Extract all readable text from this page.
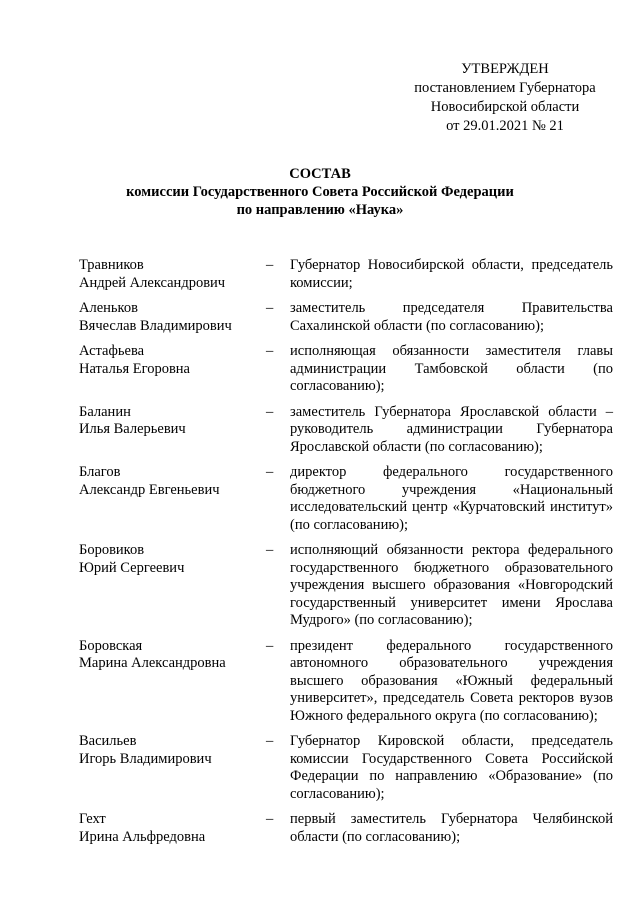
УТВЕРЖДЕН
постановлением Губернатора
Новосибирской области
от 29.01.2021 № 21
СОСТАВ
комиссии Государственного Совета Российской Федерации
по направлению «Наука»
Травников
Андрей Александрович
–	Губернатор Новосибирской области, председатель комиссии;
Аленьков
Вячеслав Владимирович
–	заместитель председателя Правительства Сахалинской области (по согласованию);
Астафьева
Наталья Егоровна
–	исполняющая обязанности заместителя главы администрации Тамбовской области (по согласованию);
Баланин
Илья Валерьевич
–	заместитель Губернатора Ярославской области – руководитель администрации Губернатора Ярославской области (по согласованию);
Благов
Александр Евгеньевич
–	директор федерального государственного бюджетного учреждения «Национальный исследовательский центр «Курчатовский институт» (по согласованию);
Боровиков
Юрий Сергеевич
–	исполняющий обязанности ректора федерального государственного бюджетного образовательного учреждения высшего образования «Новгородский государственный университет имени Ярослава Мудрого» (по согласованию);
Боровская
Марина Александровна
–	президент федерального государственного автономного образовательного учреждения высшего образования «Южный федеральный университет», председатель Совета ректоров вузов Южного федерального округа (по согласованию);
Васильев
Игорь Владимирович
–	Губернатор Кировской области, председатель комиссии Государственного Совета Российской Федерации по направлению «Образование» (по согласованию);
Гехт
Ирина Альфредовна
–	первый заместитель Губернатора Челябинской области (по согласованию);
